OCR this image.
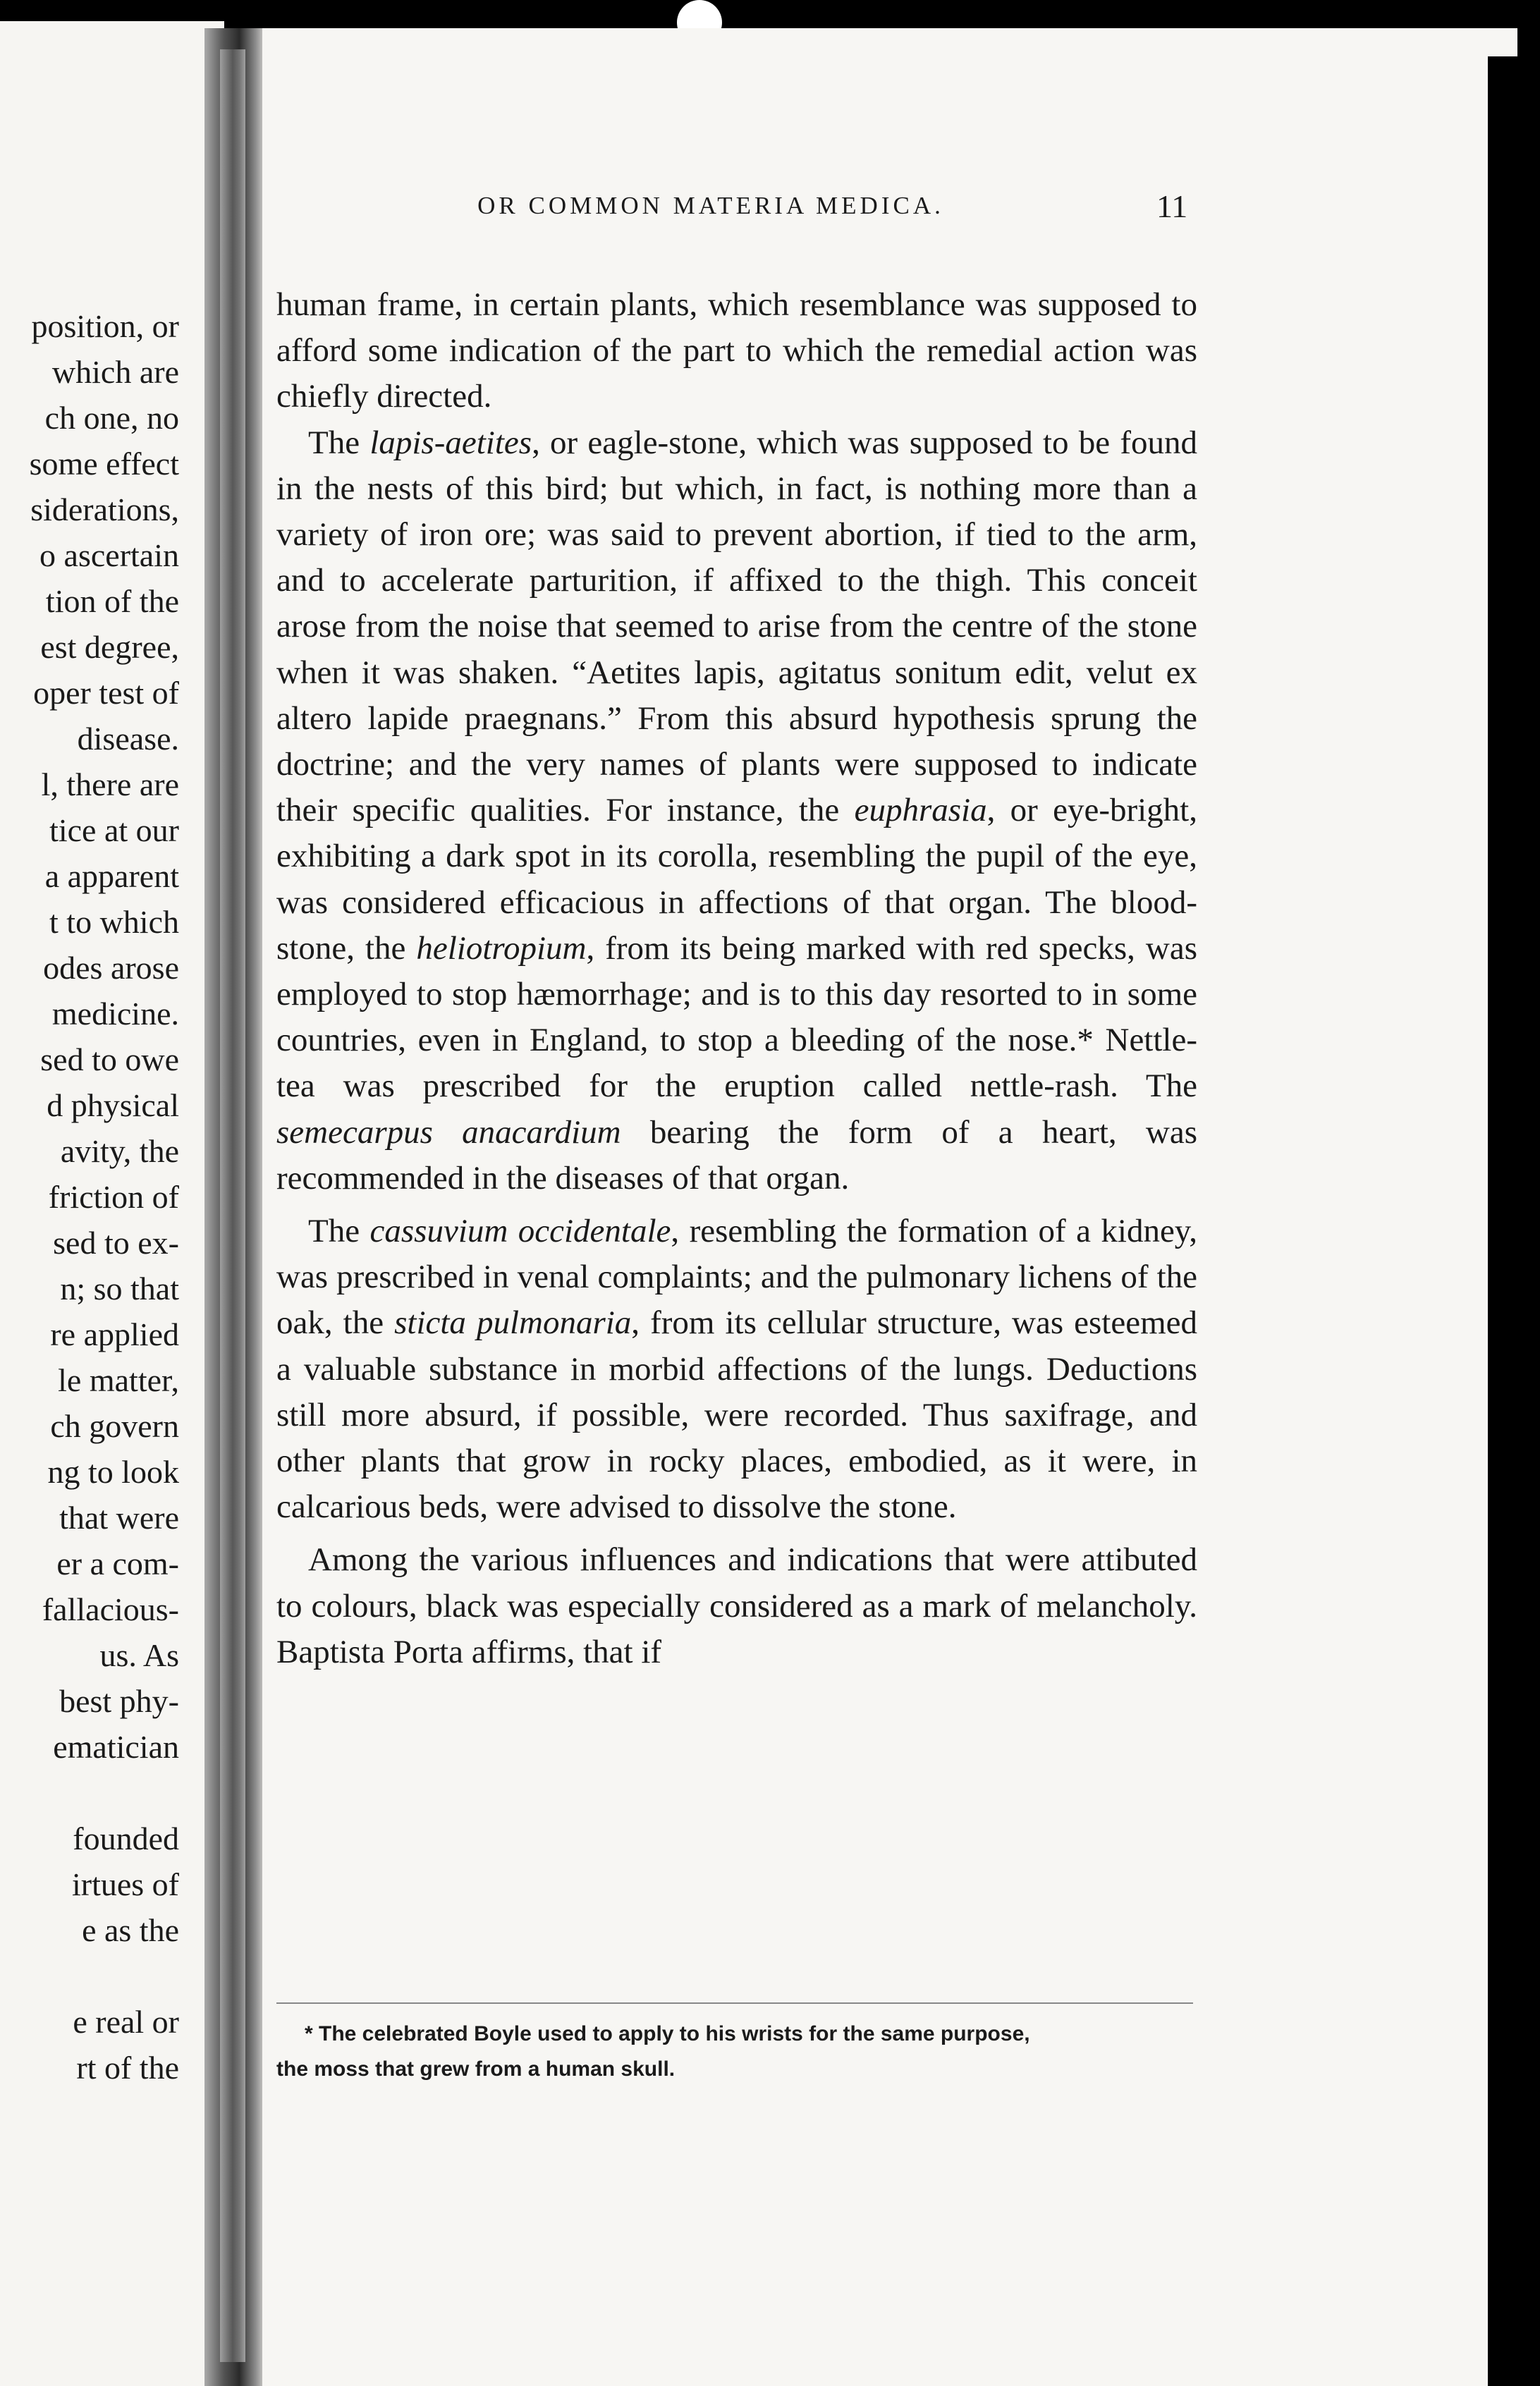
position, or
which are
ch one, no
some effect
siderations,
o ascertain
tion of the
est degree,
oper test of
disease.
l, there are
tice at our
a apparent
t to which
odes arose
medicine.
sed to owe
d physical
avity, the
friction of
sed to ex-
n; so that
re applied
le matter,
ch govern
ng to look
that were
er a com-
fallacious-
us. As
best phy-
ematician

founded
irtues of
e as the

e real or
rt of the
OR COMMON MATERIA MEDICA.	11

human frame, in certain plants, which resemblance was supposed to afford some indication of the part to which the remedial action was chiefly directed.

The lapis-aetites, or eagle-stone, which was supposed to be found in the nests of this bird; but which, in fact, is nothing more than a variety of iron ore; was said to prevent abortion, if tied to the arm, and to accelerate parturition, if affixed to the thigh. This conceit arose from the noise that seemed to arise from the centre of the stone when it was shaken. “Aetites lapis, agitatus sonitum edit, velut ex altero lapide praegnans.” From this absurd hypothesis sprung the doctrine; and the very names of plants were supposed to indicate their specific qualities. For instance, the euphrasia, or eye-bright, exhibiting a dark spot in its corolla, resembling the pupil of the eye, was considered efficacious in affections of that organ. The blood-stone, the heliotropium, from its being marked with red specks, was employed to stop hæmorrhage; and is to this day resorted to in some countries, even in England, to stop a bleeding of the nose.* Nettle-tea was prescribed for the eruption called nettle-rash. The semecarpus anacardium bearing the form of a heart, was recommended in the diseases of that organ.

The cassuvium occidentale, resembling the formation of a kidney, was prescribed in venal complaints; and the pulmonary lichens of the oak, the sticta pulmonaria, from its cellular structure, was esteemed a valuable substance in morbid affections of the lungs. Deductions still more absurd, if possible, were recorded. Thus saxifrage, and other plants that grow in rocky places, embodied, as it were, in calcarious beds, were advised to dissolve the stone.

Among the various influences and indications that were attibuted to colours, black was especially considered as a mark of melancholy. Baptista Porta affirms, that if

* The celebrated Boyle used to apply to his wrists for the same purpose,
the moss that grew from a human skull.
